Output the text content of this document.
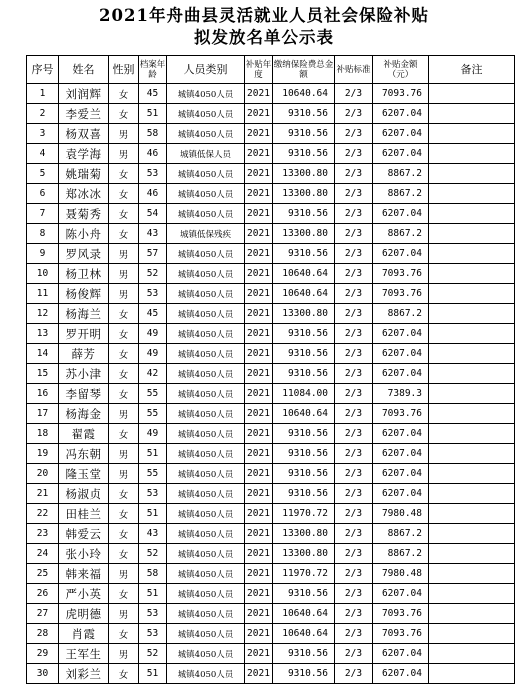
2021年舟曲县灵活就业人员社会保险补贴
拟发放名单公示表
序号	姓名	性别	档案年龄	人员类别	补贴年度	缴纳保险费总金额	补贴标准	补贴金额（元）	备注
1	刘润辉	女	45	城镇4050人员	2021	10640.64	2/3	7093.76	
2	李爱兰	女	51	城镇4050人员	2021	9310.56	2/3	6207.04	
3	杨双喜	男	58	城镇4050人员	2021	9310.56	2/3	6207.04	
4	袁学海	男	46	城镇低保人员	2021	9310.56	2/3	6207.04	
5	姚瑞菊	女	53	城镇4050人员	2021	13300.80	2/3	8867.2	
6	郑冰冰	女	46	城镇4050人员	2021	13300.80	2/3	8867.2	
7	聂菊秀	女	54	城镇4050人员	2021	9310.56	2/3	6207.04	
8	陈小舟	女	43	城镇低保残疾	2021	13300.80	2/3	8867.2	
9	罗风录	男	57	城镇4050人员	2021	9310.56	2/3	6207.04	
10	杨卫林	男	52	城镇4050人员	2021	10640.64	2/3	7093.76	
11	杨俊辉	男	53	城镇4050人员	2021	10640.64	2/3	7093.76	
12	杨海兰	女	45	城镇4050人员	2021	13300.80	2/3	8867.2	
13	罗开明	女	49	城镇4050人员	2021	9310.56	2/3	6207.04	
14	薛芳	女	49	城镇4050人员	2021	9310.56	2/3	6207.04	
15	苏小津	女	42	城镇4050人员	2021	9310.56	2/3	6207.04	
16	李留琴	女	55	城镇4050人员	2021	11084.00	2/3	7389.3	
17	杨海金	男	55	城镇4050人员	2021	10640.64	2/3	7093.76	
18	翟霞	女	49	城镇4050人员	2021	9310.56	2/3	6207.04	
19	冯东朝	男	51	城镇4050人员	2021	9310.56	2/3	6207.04	
20	隆玉堂	男	55	城镇4050人员	2021	9310.56	2/3	6207.04	
21	杨淑贞	女	53	城镇4050人员	2021	9310.56	2/3	6207.04	
22	田桂兰	女	51	城镇4050人员	2021	11970.72	2/3	7980.48	
23	韩爱云	女	43	城镇4050人员	2021	13300.80	2/3	8867.2	
24	张小玲	女	52	城镇4050人员	2021	13300.80	2/3	8867.2	
25	韩来福	男	58	城镇4050人员	2021	11970.72	2/3	7980.48	
26	严小英	女	51	城镇4050人员	2021	9310.56	2/3	6207.04	
27	虎明德	男	53	城镇4050人员	2021	10640.64	2/3	7093.76	
28	肖霞	女	53	城镇4050人员	2021	10640.64	2/3	7093.76	
29	王军生	男	52	城镇4050人员	2021	9310.56	2/3	6207.04	
30	刘彩兰	女	51	城镇4050人员	2021	9310.56	2/3	6207.04	
